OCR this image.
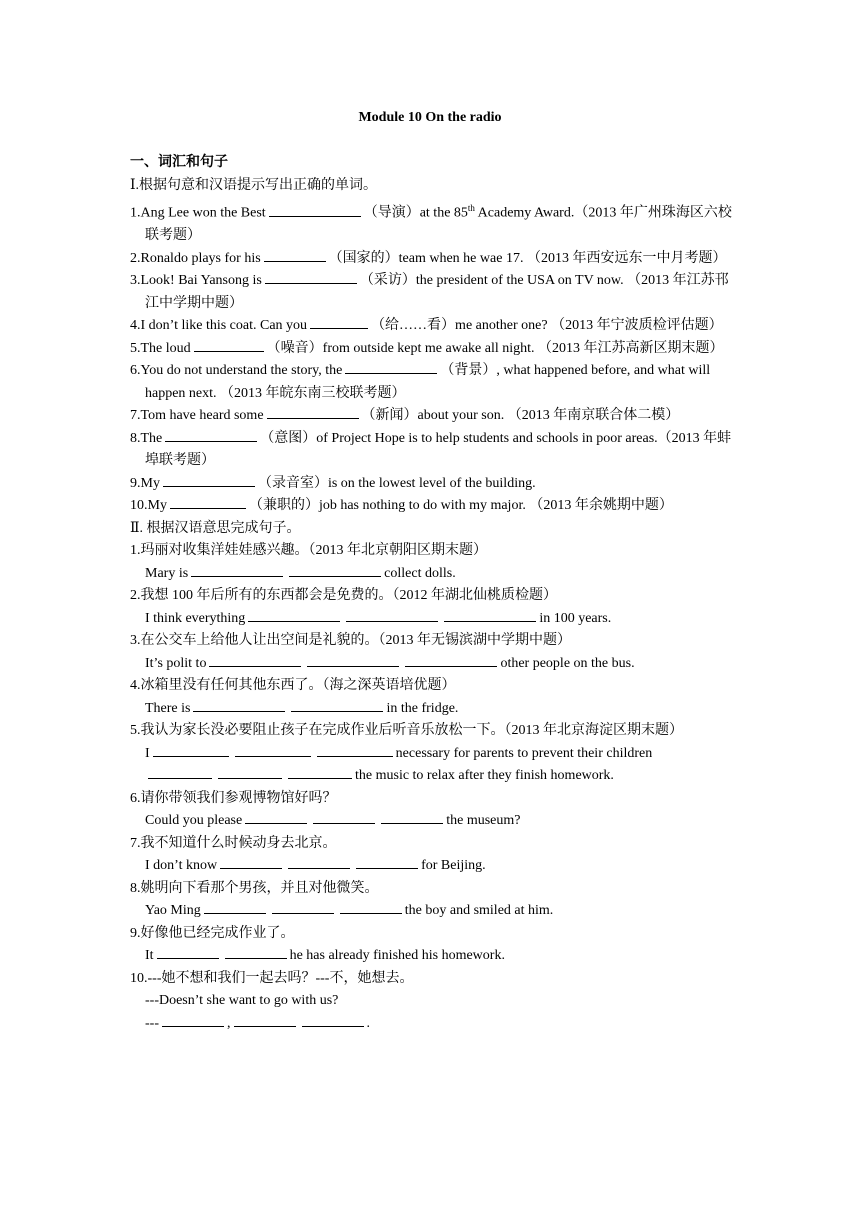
Module 10 On the radio
一、词汇和句子
Ⅰ.根据句意和汉语提示写出正确的单词。
1.Ang Lee won the Best	（导演）at the 85th Academy Award.（2013 年广州珠海区六校联考题）
2.Ronaldo plays for his	（国家的）team when he wae 17. （2013 年西安远东一中月考题）
3.Look! Bai Yansong is	（采访）the president of the USA on TV now. （2013 年江苏邗江中学期中题）
4.I don’t like this coat. Can you	（给……看）me another one? （2013 年宁波质检评估题）
5.The loud	（噪音）from outside kept me awake all night. （2013 年江苏高新区期末题）
6.You do not understand the story, the	（背景）, what happened before, and what will happen next. （2013 年皖东南三校联考题）
7.Tom have heard some	（新闻）about your son. （2013 年南京联合体二模）
8.The	（意图）of Project Hope is to help students and schools in poor areas.（2013 年蚌埠联考题）
9.My	（录音室）is on the lowest level of the building.
10.My	（兼职的）job has nothing to do with my major. （2013 年余姚期中题）
Ⅱ. 根据汉语意思完成句子。
1.玛丽对收集洋娃娃感兴趣。（2013 年北京朝阳区期末题）
Mary is	collect dolls.
2.我想 100 年后所有的东西都会是免费的。（2012 年湖北仙桃质检题）
I think everything	in 100 years.
3.在公交车上给他人让出空间是礼貌的。（2013 年无锡滨湖中学期中题）
It’s polit to	other people on the bus.
4.冰箱里没有任何其他东西了。（海之深英语培优题）
There is	in the fridge.
5.我认为家长没必要阻止孩子在完成作业后听音乐放松一下。（2013 年北京海淀区期末题）
I	necessary for parents to prevent their children
the music to relax after they finish homework.
6.请你带领我们参观博物馆好吗？
Could you please	the museum?
7.我不知道什么时候动身去北京。
I don’t know	for Beijing.
8.姚明向下看那个男孩，并且对他微笑。
Yao Ming	the boy and smiled at him.
9.好像他已经完成作业了。
It	he has already finished his homework.
10.---她不想和我们一起去吗？---不，她想去。
---Doesn’t she want to go with us?
---	,	.
